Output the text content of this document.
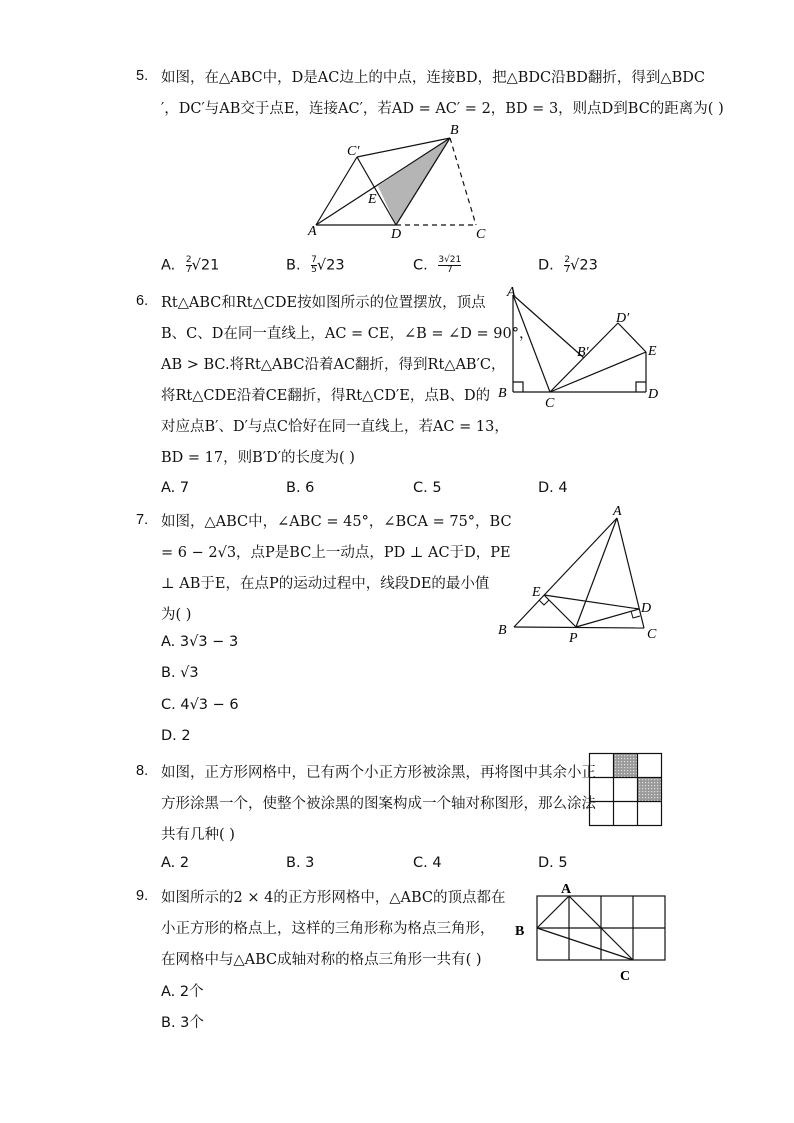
5. 如图，在△ABC中，D是AC边上的中点，连接BD，把△BDC沿BD翻折，得到△BDC
′，DC′与AB交于点E，连接AC′，若AD = AC′ = 2，BD = 3，则点D到BC的距离为( )
B
C′
E
A	D	C
A. $\frac{2}{7} √21$	B. $\frac{7}{5} √23$	C. $\frac{3√21}{7}$	D. $\frac{2}{7} √23$
6. Rt△ABC和Rt△CDE按如图所示的位置摆放，顶点
B、C、D在同一直线上，AC = CE，∠B = ∠D = 90°，
AB > BC.将Rt△ABC沿着AC翻折，得到Rt△AB′C，
将Rt△CDE沿着CE翻折，得Rt△CD′E，点B、D的
对应点B′、D′与点C恰好在同一直线上，若AC = 13，
BD = 17，则B′D′的长度为( )
A
D′
B′	E
B
C
D
A. 7	B. 6	C. 5	D. 4
7. 如图，△ABC中，∠ABC = 45°，∠BCA = 75°，BC
= 6 − 2√3，点P是BC上一动点，PD ⊥ AC于D，PE
⊥ AB于E，在点P的运动过程中，线段DE的最小值
为( )
A
E
D
B
P	C
A. 3√3 − 3
B. √3
C. 4√3 − 6
D. 2
8. 如图，正方形网格中，已有两个小正方形被涂黑，再将图中其余小正
方形涂黑一个，使整个被涂黑的图案构成一个轴对称图形，那么涂法
共有几种( )
A. 2	B. 3	C. 4	D. 5
9. 如图所示的2 × 4的正方形网格中，△ABC的顶点都在
小正方形的格点上，这样的三角形称为格点三角形，
在网格中与△ABC成轴对称的格点三角形一共有( )
A
B
C
A. 2个
B. 3个
